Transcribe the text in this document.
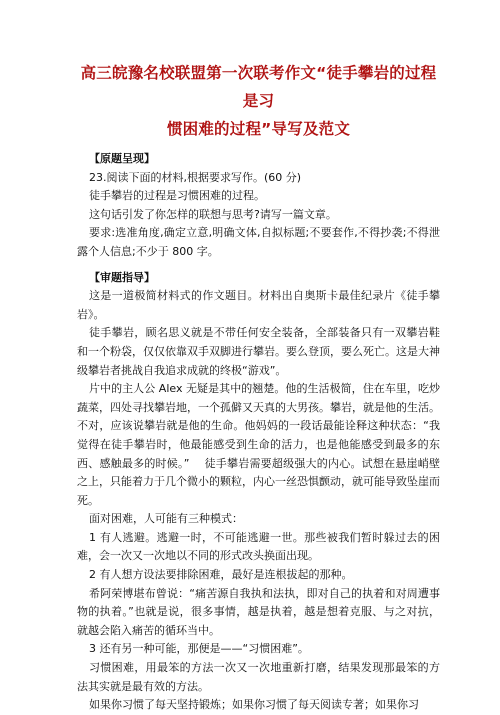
高三皖豫名校联盟第一次联考作文“徒手攀岩的过程是习
惯困难的过程”导写及范文
【原题呈现】

23.阅读下面的材料,根据要求写作。(60 分)

徒手攀岩的过程是习惯困难的过程。

这句话引发了你怎样的联想与思考?请写一篇文章。

要求:选准角度,确定立意,明确文体,自拟标题;不要套作,不得抄袭;不得泄露个人信息;不少于 800 字。

【审题指导】

这是一道极简材料式的作文题目。材料出自奥斯卡最佳纪录片《徒手攀岩》。

徒手攀岩，顾名思义就是不带任何安全装备，全部装备只有一双攀岩鞋和一个粉袋，仅仅依靠双手双脚进行攀岩。要么登顶，要么死亡。这是大神级攀岩者挑战自我追求成就的终极“游戏”。

片中的主人公 Alex 无疑是其中的翘楚。他的生活极简，住在车里，吃炒蔬菜，四处寻找攀岩地，一个孤僻又天真的大男孩。攀岩，就是他的生活。不对，应该说攀岩就是他的生命。他妈妈的一段话最能诠释这种状态：“我觉得在徒手攀岩时，他最能感受到生命的活力，也是他能感受到最多的东西、感触最多的时候。”　 徒手攀岩需要超级强大的内心。试想在悬崖峭壁之上，只能着力于几个微小的颗粒，内心一丝恐惧颤动，就可能导致坠崖而死。

面对困难，人可能有三种模式：

1 有人逃避。逃避一时，不可能逃避一世。那些被我们暂时躲过去的困难，会一次又一次地以不同的形式改头换面出现。

2 有人想方设法要排除困难，最好是连根拔起的那种。

希阿荣博堪布曾说：“痛苦源自我执和法执，即对自己的执着和对周遭事物的执着。”也就是说，很多事情，越是执着，越是想着克服、与之对抗，就越会陷入痛苦的循环当中。

3 还有另一种可能，那便是——“习惯困难”。

习惯困难，用最笨的方法一次又一次地重新打磨，结果发现那最笨的方法其实就是最有效的方法。

如果你习惯了每天坚持锻炼；如果你习惯了每天阅读专著；如果你习
